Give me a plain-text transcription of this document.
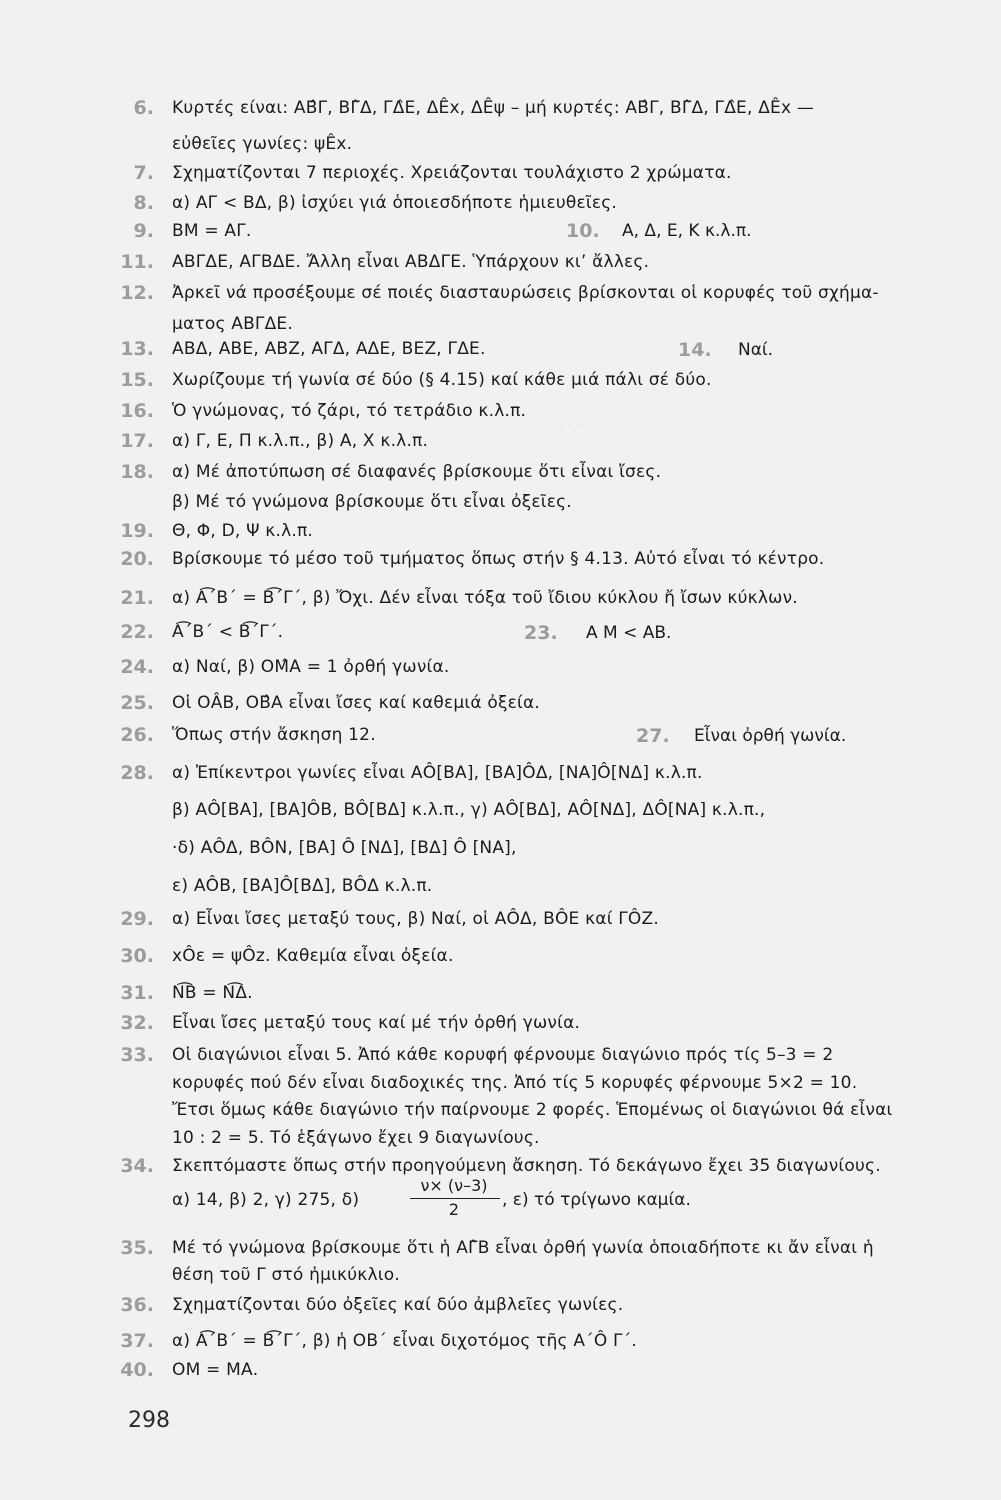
· · ·
6. Κυρτές είναι: ΑΒ̂Γ, ΒΓ̂Δ, ΓΔ̂Ε, ΔÊx, ΔÊψ – μή κυρτές: ΑΒ̂Γ, ΒΓ̂Δ, ΓΔ̂Ε, ΔÊx —
εὐθεῖες γωνίες: ψÊx.
7. Σχηματίζονται 7 περιοχές. Χρειάζονται τουλάχιστο 2 χρώματα.
8. α) ΑΓ < ΒΔ, β) ἰσχύει γιά ὁποιεσδήποτε ἡμιευθεῖες.
9. ΒΜ = ΑΓ.
11. ΑΒΓΔΕ, ΑΓΒΔΕ. Ἄλλη εἶναι ΑΒΔΓΕ. Ὑπάρχουν κι’ ἄλλες.
12. Ἀρκεῖ νά προσέξουμε σέ ποιές διασταυρώσεις βρίσκονται οἱ κορυφές τοῦ σχήμα-
ματος ΑΒΓΔΕ.
13. ΑΒΔ, ΑΒΕ, ΑΒΖ, ΑΓΔ, ΑΔΕ, ΒΕΖ, ΓΔΕ.
15. Χωρίζουμε τή γωνία σέ δύο (§ 4.15) καί κάθε μιά πάλι σέ δύο.
16. Ὁ γνώμονας, τό ζάρι, τό τετράδιο κ.λ.π.
17. α) Γ, Ε, Π κ.λ.π., β) Α, Χ κ.λ.π.
18. α) Μέ ἀποτύπωση σέ διαφανές βρίσκουμε ὅτι εἶναι ἴσες.
β) Μέ τό γνώμονα βρίσκουμε ὅτι εἶναι ὀξεῖες.
19. Θ, Φ, D, Ψ κ.λ.π.
20. Βρίσκουμε τό μέσο τοῦ τμήματος ὅπως στήν § 4.13. Αὐτό εἶναι τό κέντρο.
21. α) Α͡΄Β΄ = Β͡΄Γ΄, β) Ὄχι. Δέν εἶναι τόξα τοῦ ἴδιου κύκλου ἤ ἴσων κύκλων.
22. Α͡΄Β΄ < Β͡΄Γ΄.
24. α) Ναί, β) ΟΜ̂Α = 1 ὀρθή γωνία.
25. Οἱ ΟÂΒ, ΟΒ̂Α εἶναι ἴσες καί καθεμιά ὀξεία.
26. Ὅπως στήν ἄσκηση 12.
28. α) Ἐπίκεντροι γωνίες εἶναι ΑÔ[ΒΑ], [ΒΑ]ÔΔ, [ΝΑ]Ô[ΝΔ] κ.λ.π.
β) ΑÔ[ΒΑ], [ΒΑ]ÔΒ, ΒÔ[ΒΔ] κ.λ.π., γ) ΑÔ[ΒΔ], ΑÔ[ΝΔ], ΔÔ[ΝΑ] κ.λ.π.,
·δ) ΑÔΔ, ΒÔΝ, [ΒΑ] Ô [ΝΔ], [ΒΔ] Ô [ΝΑ],
ε) ΑÔΒ, [ΒΑ]Ô[ΒΔ], ΒÔΔ κ.λ.π.
29. α) Εἶναι ἴσες μεταξύ τους, β) Ναί, οἱ ΑÔΔ, ΒÔΕ καί ΓÔΖ.
30. xÔε = ψÔz. Καθεμία εἶναι ὀξεία.
31. Ν͡Β = Ν͡Δ.
32. Εἶναι ἴσες μεταξύ τους καί μέ τήν ὀρθή γωνία.
33. Οἱ διαγώνιοι εἶναι 5. Ἀπό κάθε κορυφή φέρνουμε διαγώνιο πρός τίς 5–3 = 2
κορυφές πού δέν εἶναι διαδοχικές της. Ἀπό τίς 5 κορυφές φέρνουμε 5×2 = 10.
Ἔτσι ὅμως κάθε διαγώνιο τήν παίρνουμε 2 φορές. Ἑπομένως οἱ διαγώνιοι θά εἶναι
10 : 2 = 5. Τό ἑξάγωνο ἔχει 9 διαγωνίους.
34. Σκεπτόμαστε ὅπως στήν προηγούμενη ἄσκηση. Τό δεκάγωνο ἔχει 35 διαγωνίους.
α) 14, β) 2, γ) 275, δ)
35. Μέ τό γνώμονα βρίσκουμε ὅτι ἡ ΑΓ̂Β εἶναι ὀρθή γωνία ὁποιαδήποτε κι ἄν εἶναι ἡ
θέση τοῦ Γ στό ἡμικύκλιο.
36. Σχηματίζονται δύο ὀξεῖες καί δύο ἀμβλεῖες γωνίες.
37. α) Α͡΄Β΄ = Β͡΄Γ΄, β) ἡ ΟΒ΄ εἶναι διχοτόμος τῆς Α΄Ô Γ΄.
40. ΟΜ = ΜΑ.
10. Α, Δ, Ε, Κ κ.λ.π.
14. Ναί.
23. Α Μ < ΑΒ.
27. Εἶναι ὀρθή γωνία.
ν× (ν–3)
2	, ε) τό τρίγωνο καμία.
298
